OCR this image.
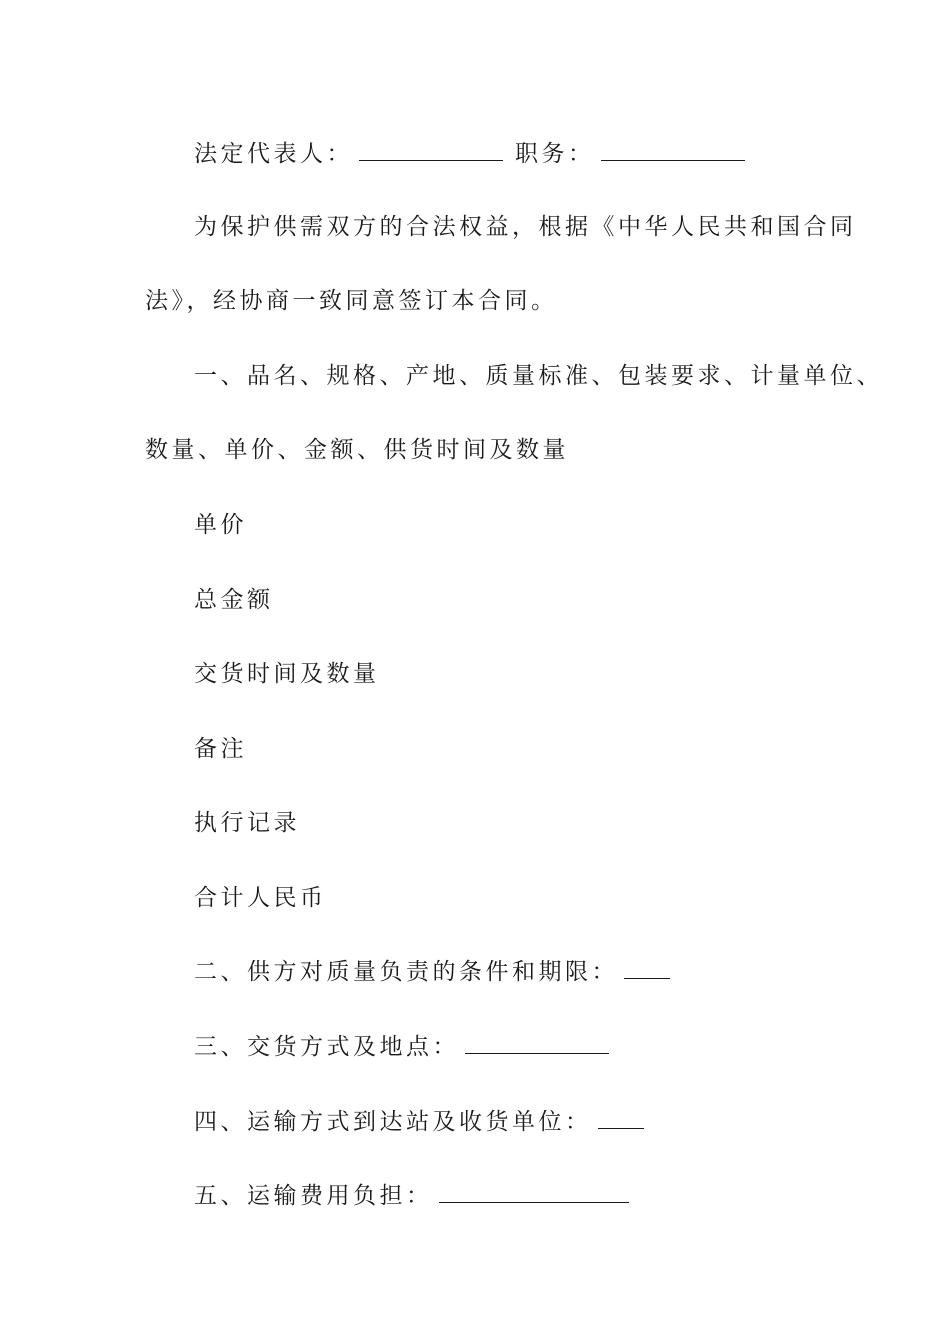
法定代表人：	职务：

为保护供需双方的合法权益，根据《中华人民共和国合同

法》，经协商一致同意签订本合同。

一、品名、规格、产地、质量标准、包装要求、计量单位、

数量、单价、金额、供货时间及数量

单价

总金额

交货时间及数量

备注

执行记录

合计人民币

二、供方对质量负责的条件和期限：

三、交货方式及地点：

四、运输方式到达站及收货单位：

五、运输费用负担：
